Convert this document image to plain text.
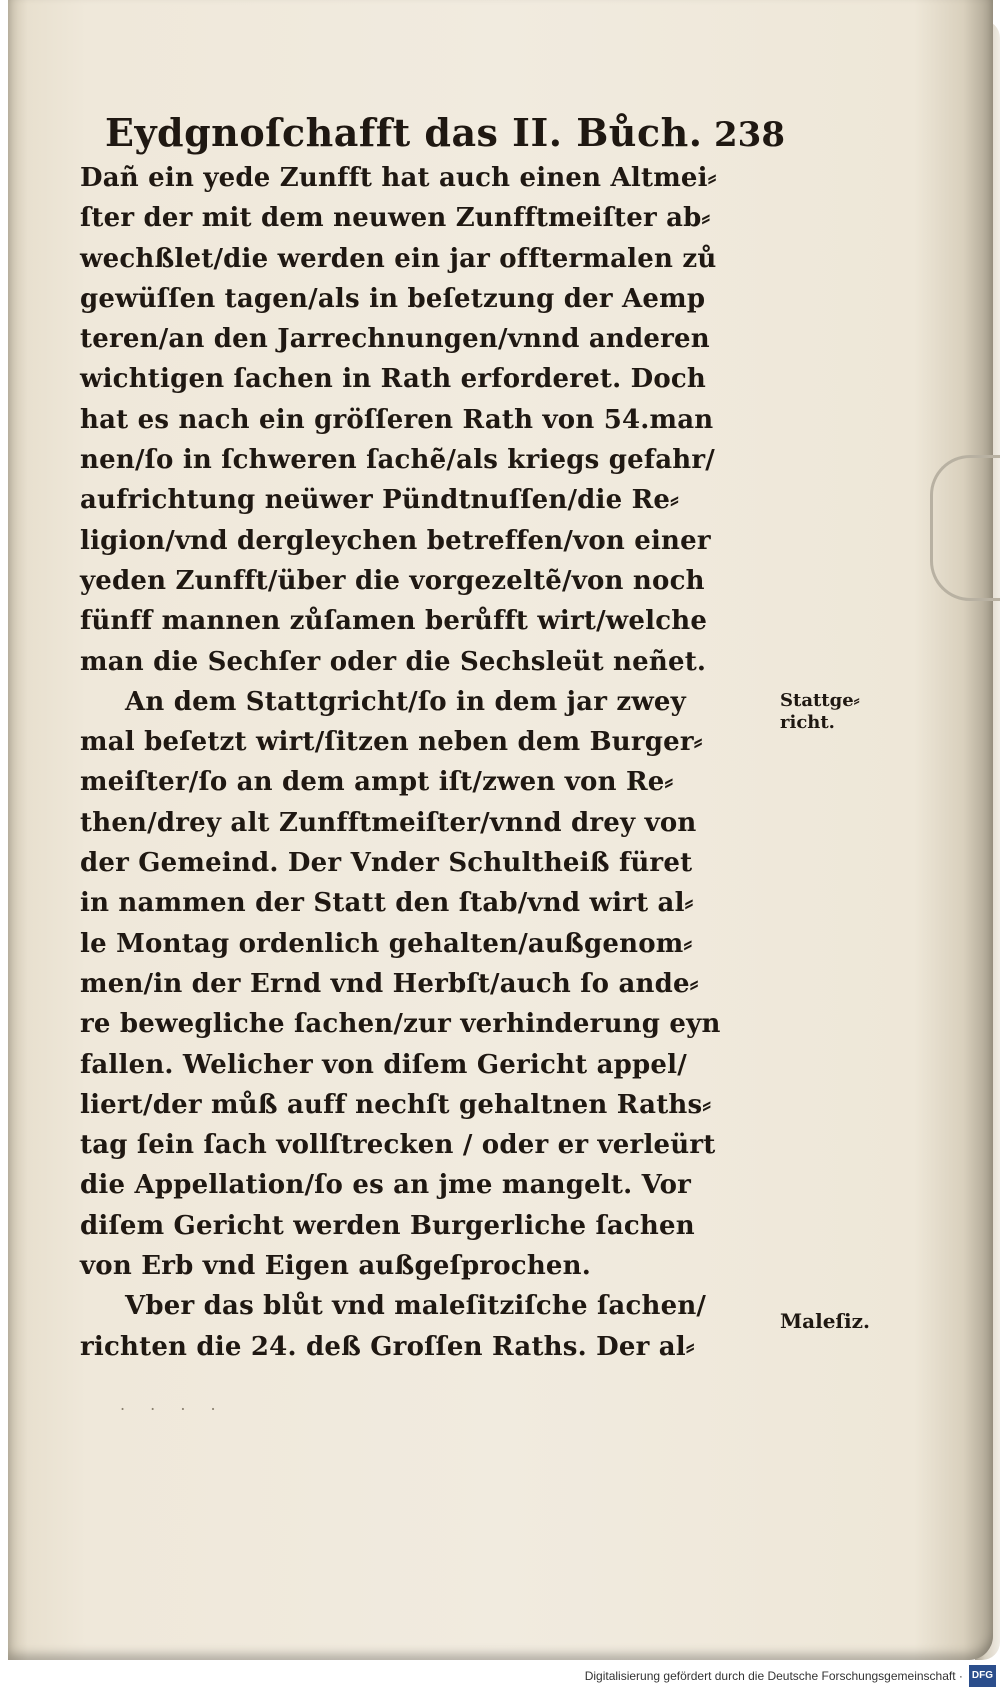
Eydgnoſchafft das II. Bůch. 238
Dañ ein yede Zunfft hat auch einen Altmei⸗
ſter der mit dem neuwen Zunfftmeiſter ab⸗
wechßlet/die werden ein jar offtermalen zů
gewüſſen tagen/als in beſetzung der Aemp
teren/an den Jarrechnungen/vnnd anderen
wichtigen ſachen in Rath erforderet. Doch
hat es nach ein gröſſeren Rath von 54.man
nen/ſo in ſchweren ſachẽ/als kriegs gefahr/
aufrichtung neüwer Pündtnuſſen/die Re⸗
ligion/vnd dergleychen betreffen/von einer
yeden Zunfft/über die vorgezeltẽ/von noch
fünff mannen zůſamen berůfft wirt/welche
man die Sechſer oder die Sechsleüt neñet.
An dem Stattgricht/ſo in dem jar zwey
mal beſetzt wirt/ſitzen neben dem Burger⸗
meiſter/ſo an dem ampt iſt/zwen von Re⸗
then/drey alt Zunfftmeiſter/vnnd drey von
der Gemeind. Der Vnder Schultheiß füret
in nammen der Statt den ſtab/vnd wirt al⸗
le Montag ordenlich gehalten/außgenom⸗
men/in der Ernd vnd Herbſt/auch ſo ande⸗
re bewegliche ſachen/zur verhinderung eyn
fallen. Welicher von diſem Gericht appel/
liert/der můß auff nechſt gehaltnen Raths⸗
tag ſein ſach vollſtrecken / oder er verleürt
die Appellation/ſo es an jme mangelt. Vor
diſem Gericht werden Burgerliche ſachen
von Erb vnd Eigen außgeſprochen.
Vber das blůt vnd maleſitziſche ſachen/
richten die 24. deß Groſſen Raths. Der al⸗
Stattge⸗
richt.
Maleſiz.
. . . .
Digitalisierung gefördert durch die Deutsche Forschungsgemeinschaft · DFG
